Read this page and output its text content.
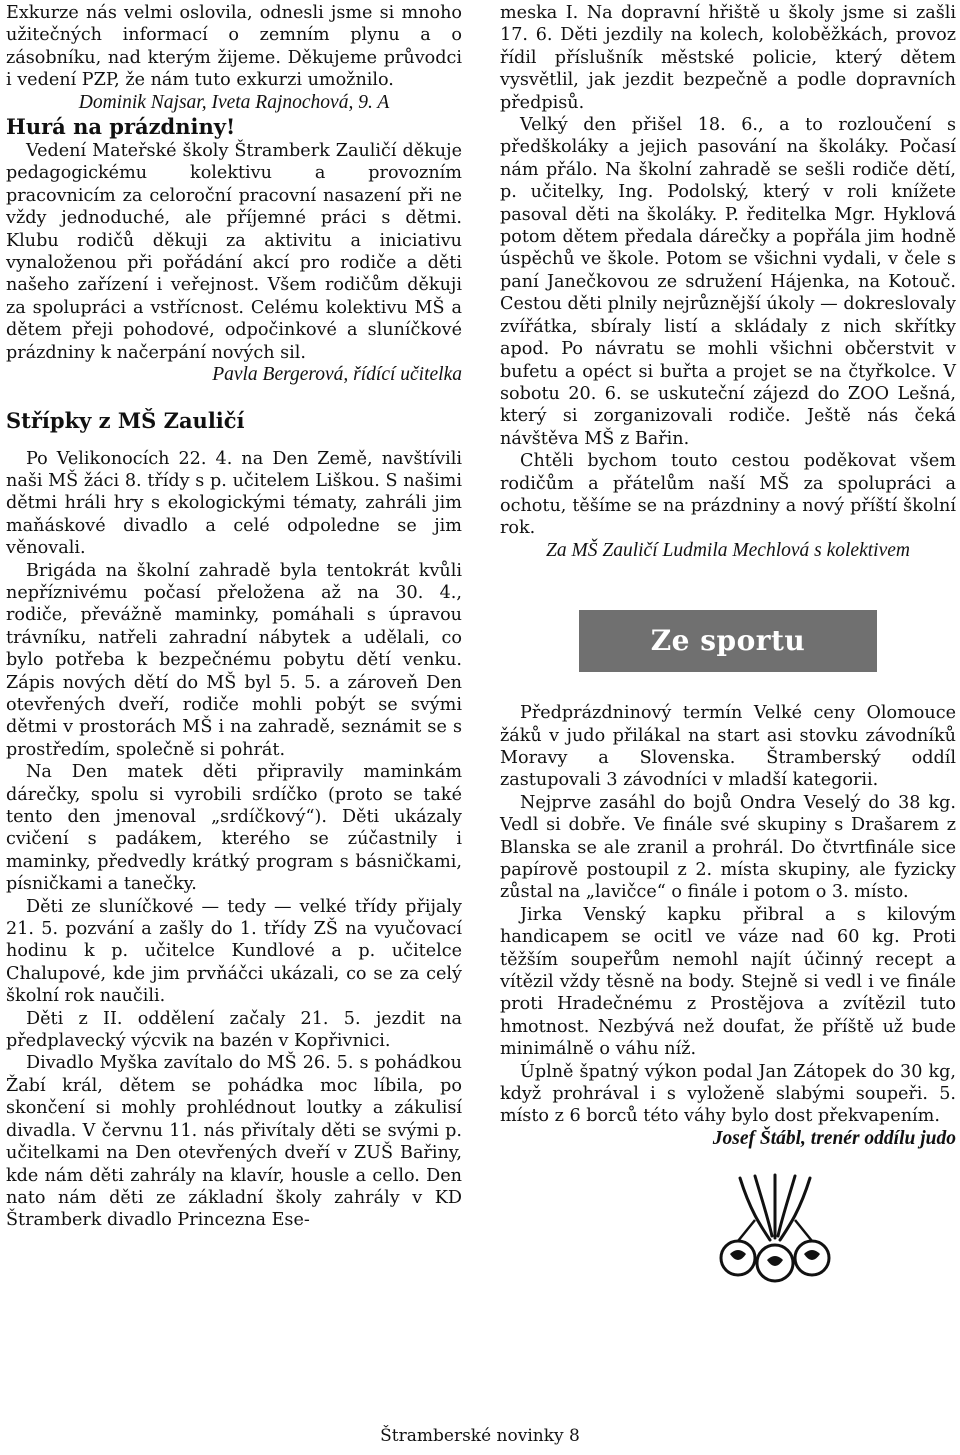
Exkurze nás velmi oslovila, odnesli jsme si mnoho užitečných informací o zemním plynu a o zásobníku, nad kterým žijeme. Děkujeme průvodci i vedení PZP, že nám tuto exkurzi umožnilo.

Dominik Najsar, Iveta Rajnochová, 9. A

Hurá na prázdniny!

Vedení Mateřské školy Štramberk Zauličí děkuje pedagogickému kolektivu a provozním pracovnicím za celoroční pracovní nasazení při ne vždy jednoduché, ale příjemné práci s dětmi. Klubu rodičů děkuji za aktivitu a iniciativu vynaloženou při pořádání akcí pro rodiče a děti našeho zařízení i veřejnost. Všem rodičům děkuji za spolupráci a vstřícnost. Celému kolektivu MŠ a dětem přeji pohodové, odpočinkové a sluníčkové prázdniny k načerpání nových sil.

Pavla Bergerová, řídící učitelka

Střípky z MŠ Zauličí

Po Velikonocích 22. 4. na Den Země, navštívili naši MŠ žáci 8. třídy s p. učitelem Liškou. S našimi dětmi hráli hry s ekologickými tématy, zahráli jim maňáskové divadlo a celé odpoledne se jim věnovali.

Brigáda na školní zahradě byla tentokrát kvůli nepříznivému počasí přeložena až na 30. 4., rodiče, převážně maminky, pomáhali s úpravou trávníku, natřeli zahradní nábytek a udělali, co bylo potřeba k bezpečnému pobytu dětí venku. Zápis nových dětí do MŠ byl 5. 5. a zároveň Den otevřených dveří, rodiče mohli pobýt se svými dětmi v prostorách MŠ i na zahradě, seznámit se s prostředím, společně si pohrát.

Na Den matek děti připravily maminkám dárečky, spolu si vyrobili srdíčko (proto se také tento den jmenoval „srdíčkový“). Děti ukázaly cvičení s padákem, kterého se zúčastnily i maminky, předvedly krátký program s básničkami, písničkami a tanečky.

Děti ze sluníčkové — tedy — velké třídy přijaly 21. 5. pozvání a zašly do 1. třídy ZŠ na vyučovací hodinu k p. učitelce Kundlové a p. učitelce Chalupové, kde jim prvňáčci ukázali, co se za celý školní rok naučili.

Děti z II. oddělení začaly 21. 5. jezdit na předplavecký výcvik na bazén v Kopřivnici.

Divadlo Myška zavítalo do MŠ 26. 5. s pohádkou Žabí král, dětem se pohádka moc líbila, po skončení si mohly prohlédnout loutky a zákulisí divadla. V červnu 11. nás přivítaly děti se svými p. učitelkami na Den otevřených dveří v ZUŠ Bařiny, kde nám děti zahrály na klavír, housle a cello. Den nato nám děti ze základní školy zahrály v KD Štramberk divadlo Princezna Ese-

meska I. Na dopravní hřiště u školy jsme si zašli 17. 6. Děti jezdily na kolech, koloběžkách, provoz řídil příslušník městské policie, který dětem vysvětlil, jak jezdit bezpečně a podle dopravních předpisů.

Velký den přišel 18. 6., a to rozloučení s předškoláky a jejich pasování na školáky. Počasí nám přálo. Na školní zahradě se sešli rodiče dětí, p. učitelky, Ing. Podolský, který v roli knížete pasoval děti na školáky. P. ředitelka Mgr. Hyklová potom dětem předala dárečky a popřála jim hodně úspěchů ve škole. Potom se všichni vydali, v čele s paní Janečkovou ze sdružení Hájenka, na Kotouč. Cestou děti plnily nejrůznější úkoly — dokreslovaly zvířátka, sbíraly listí a skládaly z nich skřítky apod. Po návratu se mohli všichni občerstvit v bufetu a opéct si buřta a projet se na čtyřkolce. V sobotu 20. 6. se uskuteční zájezd do ZOO Lešná, který si zorganizovali rodiče. Ještě nás čeká návštěva MŠ z Bařin.

Chtěli bychom touto cestou poděkovat všem rodičům a přátelům naší MŠ za spolupráci a ochotu, těšíme se na prázdniny a nový příští školní rok.

Za MŠ Zauličí Ludmila Mechlová s kolektivem

Ze sportu

Předprázdninový termín Velké ceny Olomouce žáků v judo přilákal na start asi stovku závodníků Moravy a Slovenska. Štramberský oddíl zastupovali 3 závodníci v mladší kategorii.

Nejprve zasáhl do bojů Ondra Veselý do 38 kg. Vedl si dobře. Ve finále své skupiny s Drašarem z Blanska se ale zranil a prohrál. Do čtvrtfinále sice papírově postoupil z 2. místa skupiny, ale fyzicky zůstal na „lavičce“ o finále i potom o 3. místo.

Jirka Venský kapku přibral a s kilovým handicapem se ocitl ve váze nad 60 kg. Proti těžším soupeřům nemohl najít účinný recept a vítězil vždy těsně na body. Stejně si vedl i ve finále proti Hradečnému z Prostějova a zvítězil tuto hmotnost. Nezbývá než doufat, že příště už bude minimálně o váhu níž.

Úplně špatný výkon podal Jan Zátopek do 30 kg, když prohrával i s vyloženě slabými soupeři. 5. místo z 6 borců této váhy bylo dost překvapením.

Josef Štábl, trenér oddílu judo

Štramberské novinky 8
